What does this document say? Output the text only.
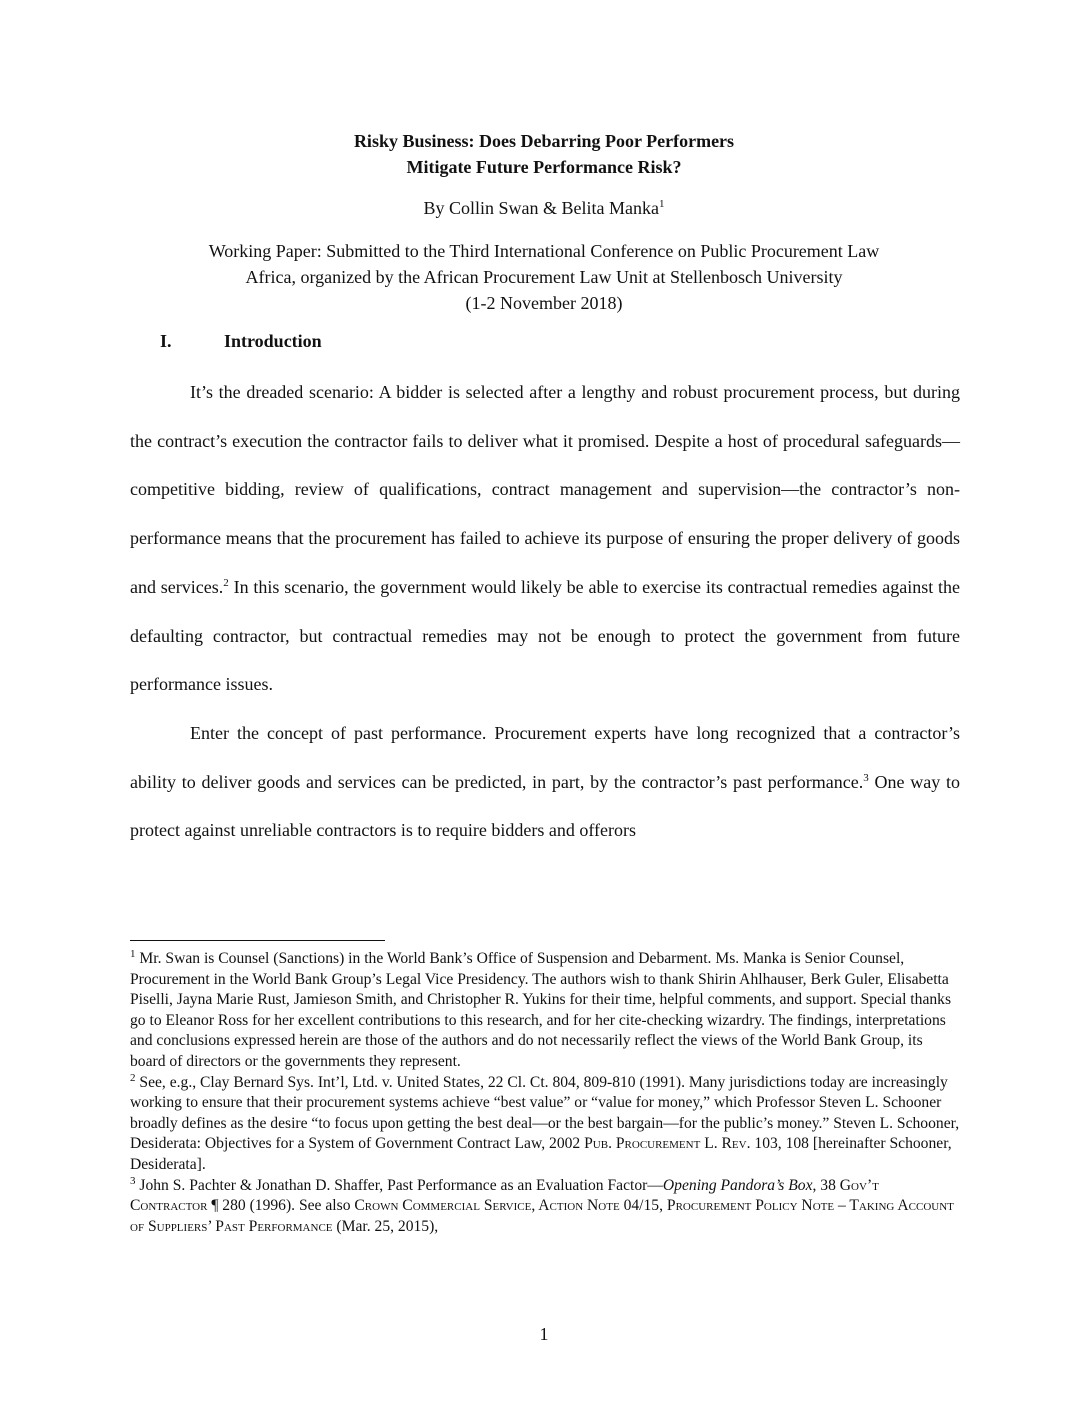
Risky Business: Does Debarring Poor Performers
Mitigate Future Performance Risk?
By Collin Swan & Belita Manka$^1$
Working Paper: Submitted to the Third International Conference on Public Procurement Law
Africa, organized by the African Procurement Law Unit at Stellenbosch University
(1-2 November 2018)
I.	Introduction

It’s the dreaded scenario: A bidder is selected after a lengthy and robust procurement process, but during the contract’s execution the contractor fails to deliver what it promised. Despite a host of procedural safeguards—competitive bidding, review of qualifications, contract management and supervision—the contractor’s non-performance means that the procurement has failed to achieve its purpose of ensuring the proper delivery of goods and services.$^2$ In this scenario, the government would likely be able to exercise its contractual remedies against the defaulting contractor, but contractual remedies may not be enough to protect the government from future performance issues.

Enter the concept of past performance. Procurement experts have long recognized that a contractor’s ability to deliver goods and services can be predicted, in part, by the contractor’s past performance.$^3$ One way to protect against unreliable contractors is to require bidders and offerors

$^1$ Mr. Swan is Counsel (Sanctions) in the World Bank’s Office of Suspension and Debarment. Ms. Manka is Senior Counsel, Procurement in the World Bank Group’s Legal Vice Presidency. The authors wish to thank Shirin Ahlhauser, Berk Guler, Elisabetta Piselli, Jayna Marie Rust, Jamieson Smith, and Christopher R. Yukins for their time, helpful comments, and support. Special thanks go to Eleanor Ross for her excellent contributions to this research, and for her cite-checking wizardry. The findings, interpretations and conclusions expressed herein are those of the authors and do not necessarily reflect the views of the World Bank Group, its board of directors or the governments they represent.

$^2$ See, e.g., Clay Bernard Sys. Int’l, Ltd. v. United States, 22 Cl. Ct. 804, 809-810 (1991). Many jurisdictions today are increasingly working to ensure that their procurement systems achieve “best value” or “value for money,” which Professor Steven L. Schooner broadly defines as the desire “to focus upon getting the best deal—or the best bargain—for the public’s money.” Steven L. Schooner, Desiderata: Objectives for a System of Government Contract Law, 2002 Pub. Procurement L. Rev. 103, 108 [hereinafter Schooner, Desiderata].

$^3$ John S. Pachter & Jonathan D. Shaffer, Past Performance as an Evaluation Factor—Opening Pandora’s Box, 38 Gov’t Contractor ¶ 280 (1996). See also Crown Commercial Service, Action Note 04/15, Procurement Policy Note – Taking Account of Suppliers’ Past Performance (Mar. 25, 2015),

1
